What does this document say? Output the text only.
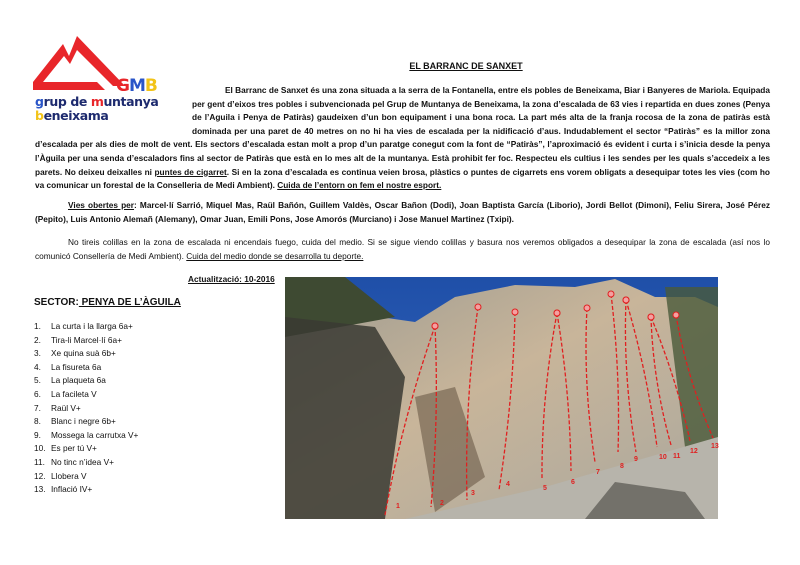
GMB
grup de muntanya
beneixama
EL BARRANC DE SANXET
El Barranc de Sanxet és una zona situada a la serra de la Fontanella, entre els pobles de Beneixama, Biar i Banyeres de Mariola. Equipada per gent d’eixos tres pobles i subvencionada pel Grup de Muntanya de Beneixama, la zona d’escalada de 63 vies i repartida en dues zones (Penya de l’Aguila i Penya de Patiràs) gaudeixen d’un bon equipament i una bona roca. La part més alta de la franja rocosa de la zona de patiràs està dominada per una paret de 40 metres on no hi ha vies de escalada per la nidificació d’aus. Indudablement el sector “Patiràs” es la millor zona d’escalada per als dies de molt de vent. Els sectors d’escalada estan molt a prop d’un paratge conegut com la font de “Patiràs”, l’aproximació és evident i curta i s’inicia desde la penya l’Àguila per una senda d’escaladors fins al sector de Patiràs que està en lo mes alt de la muntanya. Està prohibit fer foc. Respecteu els cultius i les sendes per les quals s’accedeix a les parets. No deixeu deixalles ni puntes de cigarret. Si en la zona d’escalada es continua veien brosa, plàstics o puntes de cigarrets ens vorem obligats a desequipar totes les vies (com ho va comunicar un forestal de la Conselleria de Medi Ambient). Cuida de l’entorn on fem el nostre esport.
Vies obertes per: Marcel·lí Sarrió, Miquel Mas, Raül Bañón, Guillem Valdès, Oscar Bañon (Dodi), Joan Baptista García (Liborio), Jordi Bellot (Dimoni), Feliu Sirera, José Pérez (Pepito), Luis Antonio Alemañ (Alemany), Omar Juan, Emili Pons, Jose Amorós (Murciano) i Jose Manuel Martinez (Txipi).
No tireis colillas en la zona de escalada ni encendais fuego, cuida del medio. Si se sigue viendo colillas y basura nos veremos obligados a desequipar la zona de escalada (así nos lo comunicó Consellería de Medi Ambient). Cuida del medio donde se desarrolla tu deporte.
Actualització: 10-2016
SECTOR: PENYA DE L’ÀGUILA
1. La curta i la llarga 6a+
2. Tira-li Marcel·lí 6a+
3. Xe quina suà 6b+
4. La fisureta 6a
5. La plaqueta 6a
6. La facileta V
7. Raül V+
8. Blanc i negre 6b+
9. Mossega la carrutxa V+
10. Es per tú V+
11. No tinc n’idea V+
12. Llobera V
13. Inflació IV+
1	2
3
4
5
6
7
8
9	10 11
12
13
